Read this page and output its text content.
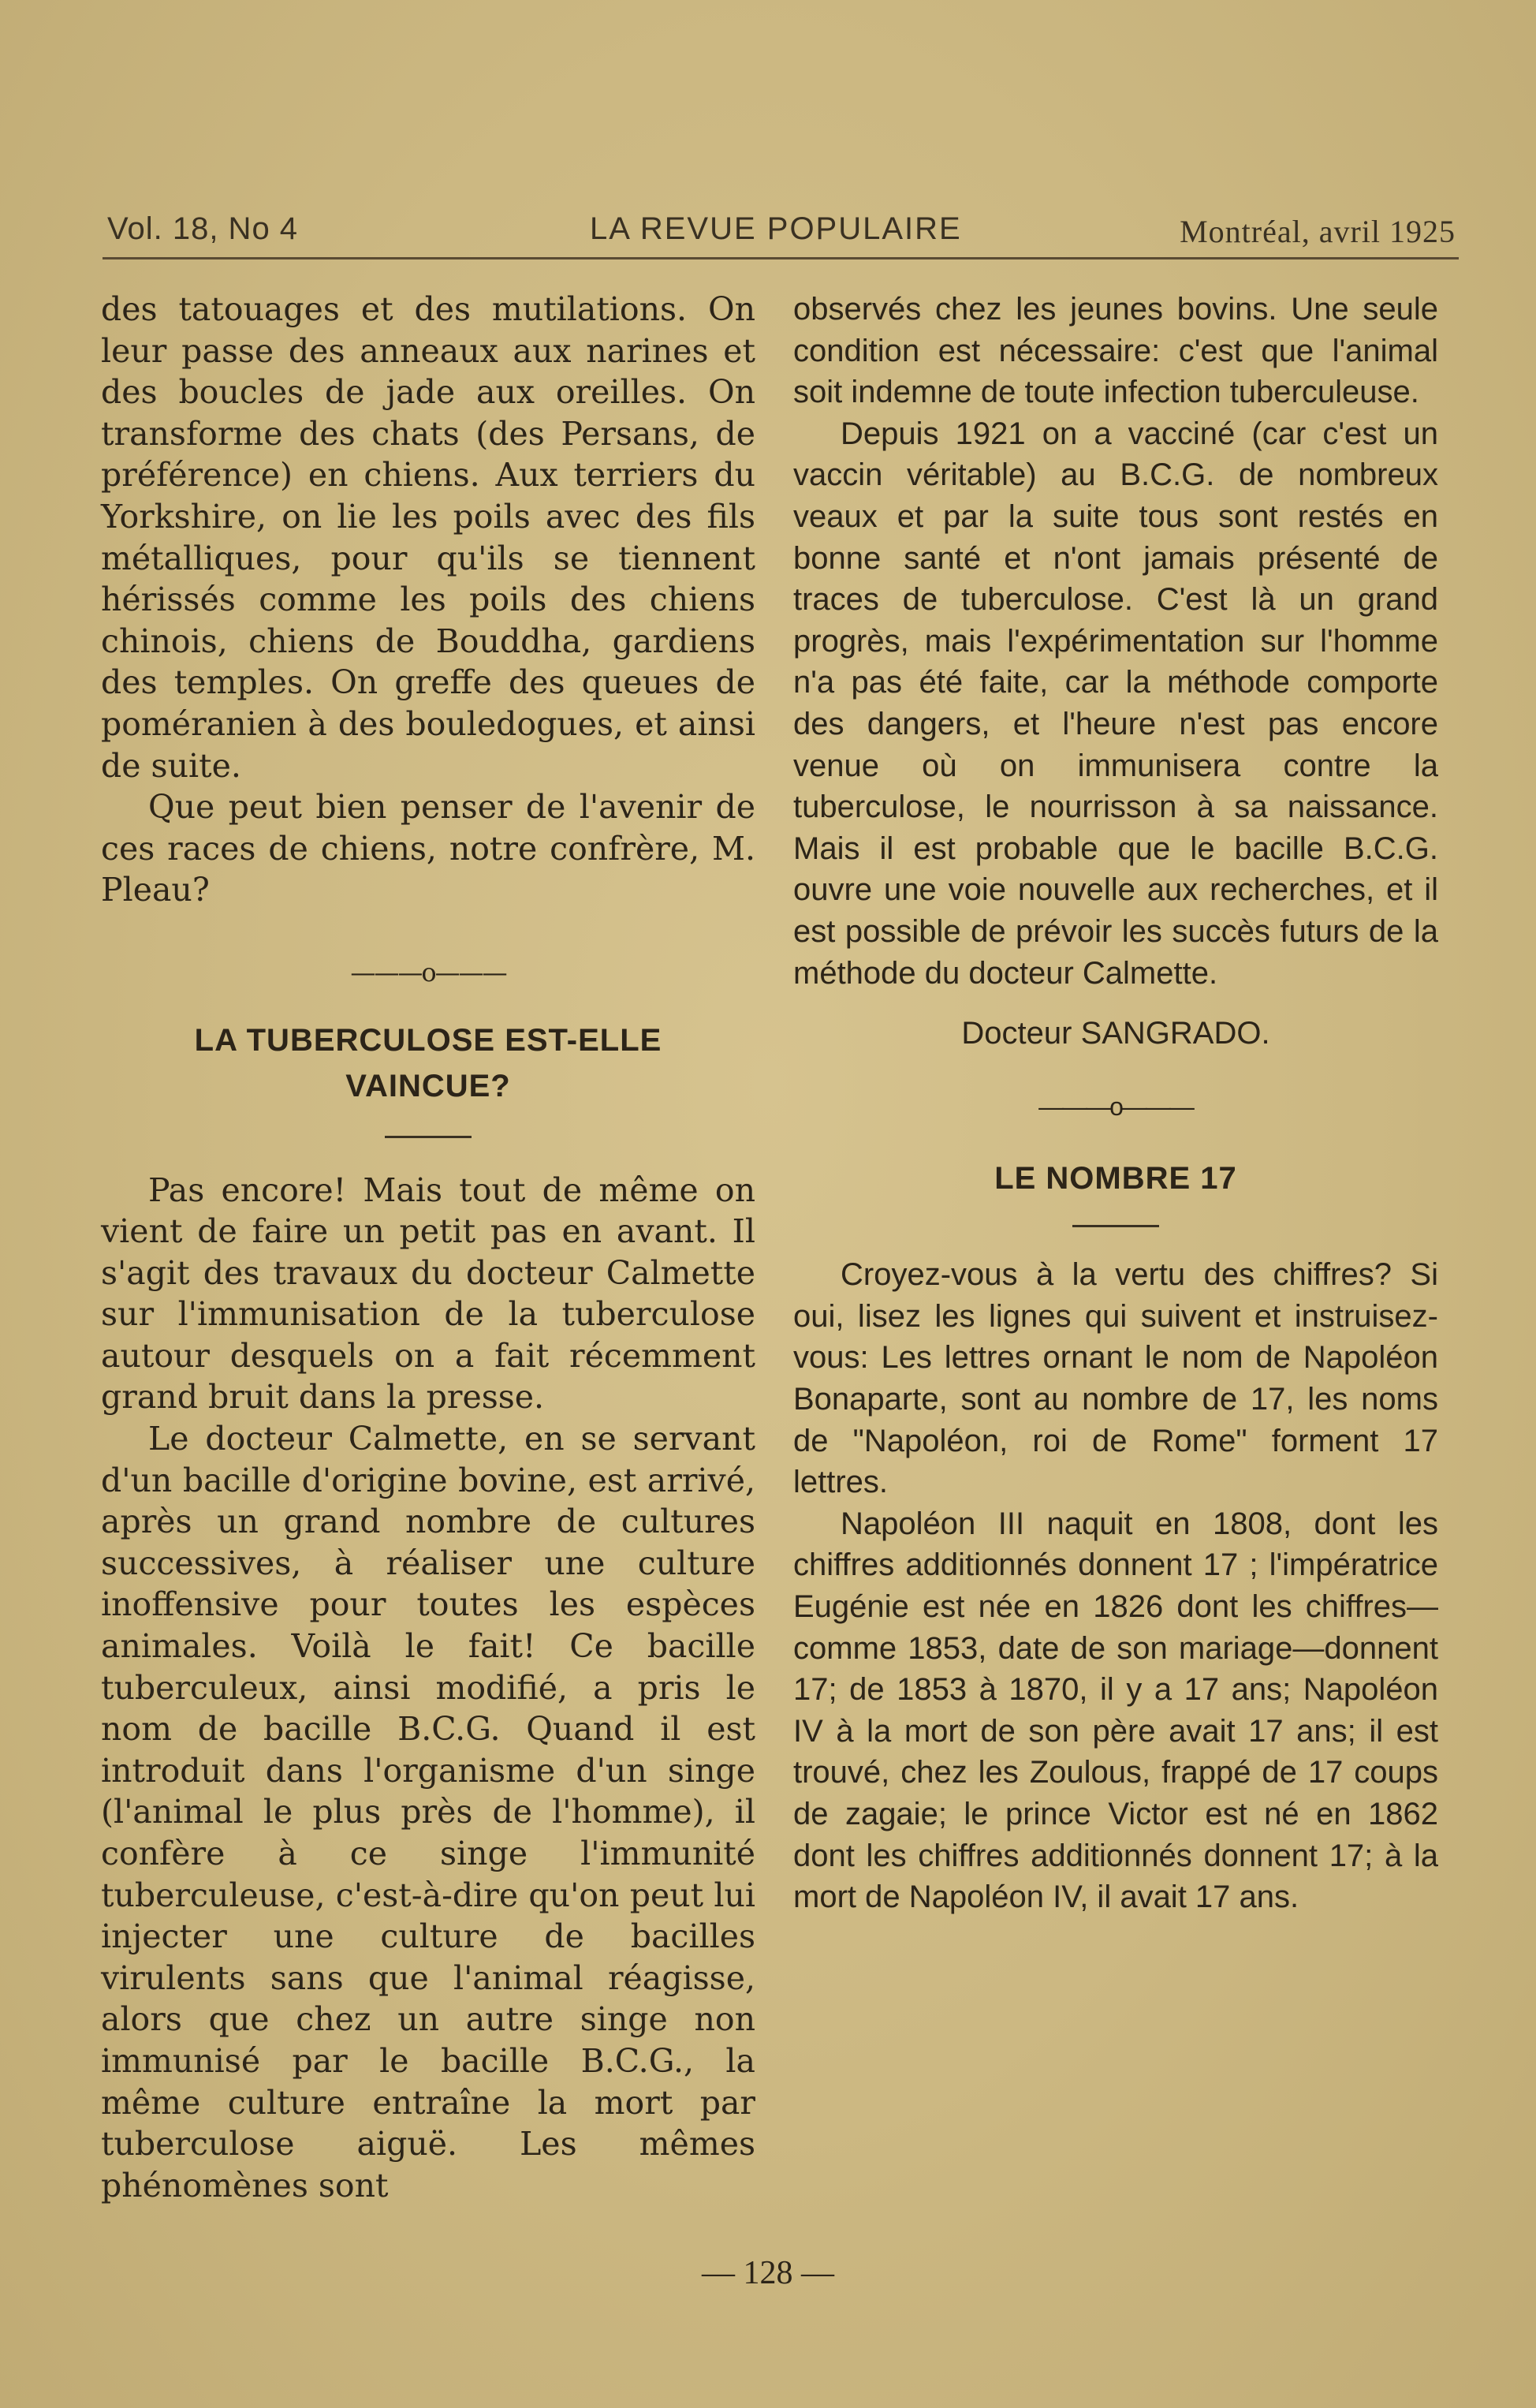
Vol. 18, No 4	LA REVUE POPULAIRE	Montréal, avril 1925

des tatouages et des mutilations. On leur passe des anneaux aux narines et des boucles de jade aux oreilles. On transforme des chats (des Persans, de préférence) en chiens. Aux terriers du Yorkshire, on lie les poils avec des fils métalliques, pour qu'ils se tiennent hérissés comme les poils des chiens chinois, chiens de Bouddha, gardiens des temples. On greffe des queues de poméranien à des bouledogues, et ainsi de suite.

Que peut bien penser de l'avenir de ces races de chiens, notre confrère, M. Pleau?

———o———

LA TUBERCULOSE EST-ELLE

VAINCUE?

Pas encore! Mais tout de même on vient de faire un petit pas en avant. Il s'agit des travaux du docteur Calmette sur l'immunisation de la tuberculose autour desquels on a fait récemment grand bruit dans la presse.

Le docteur Calmette, en se servant d'un bacille d'origine bovine, est arrivé, après un grand nombre de cultures successives, à réaliser une culture inoffensive pour toutes les espèces animales. Voilà le fait! Ce bacille tuberculeux, ainsi modifié, a pris le nom de bacille B.C.G. Quand il est introduit dans l'organisme d'un singe (l'animal le plus près de l'homme), il confère à ce singe l'immunité tuberculeuse, c'est-à-dire qu'on peut lui injecter une culture de bacilles virulents sans que l'animal réagisse, alors que chez un autre singe non immunisé par le bacille B.C.G., la même culture entraîne la mort par tuberculose aiguë. Les mêmes phénomènes sont

observés chez les jeunes bovins. Une seule condition est nécessaire: c'est que l'animal soit indemne de toute infection tuberculeuse.

Depuis 1921 on a vacciné (car c'est un vaccin véritable) au B.C.G. de nombreux veaux et par la suite tous sont restés en bonne santé et n'ont jamais présenté de traces de tuberculose. C'est là un grand progrès, mais l'expérimentation sur l'homme n'a pas été faite, car la méthode comporte des dangers, et l'heure n'est pas encore venue où on immunisera contre la tuberculose, le nourrisson à sa naissance. Mais il est probable que le bacille B.C.G. ouvre une voie nouvelle aux recherches, et il est possible de prévoir les succès futurs de la méthode du docteur Calmette.

Docteur SANGRADO.

———o———

LE NOMBRE 17

Croyez-vous à la vertu des chiffres? Si oui, lisez les lignes qui suivent et instruisez-vous: Les lettres ornant le nom de Napoléon Bonaparte, sont au nombre de 17, les noms de "Napoléon, roi de Rome" forment 17 lettres.

Napoléon III naquit en 1808, dont les chiffres additionnés donnent 17 ; l'impératrice Eugénie est née en 1826 dont les chiffres—comme 1853, date de son mariage—donnent 17; de 1853 à 1870, il y a 17 ans; Napoléon IV à la mort de son père avait 17 ans; il est trouvé, chez les Zoulous, frappé de 17 coups de zagaie; le prince Victor est né en 1862 dont les chiffres additionnés donnent 17; à la mort de Napoléon IV, il avait 17 ans.

— 128 —
